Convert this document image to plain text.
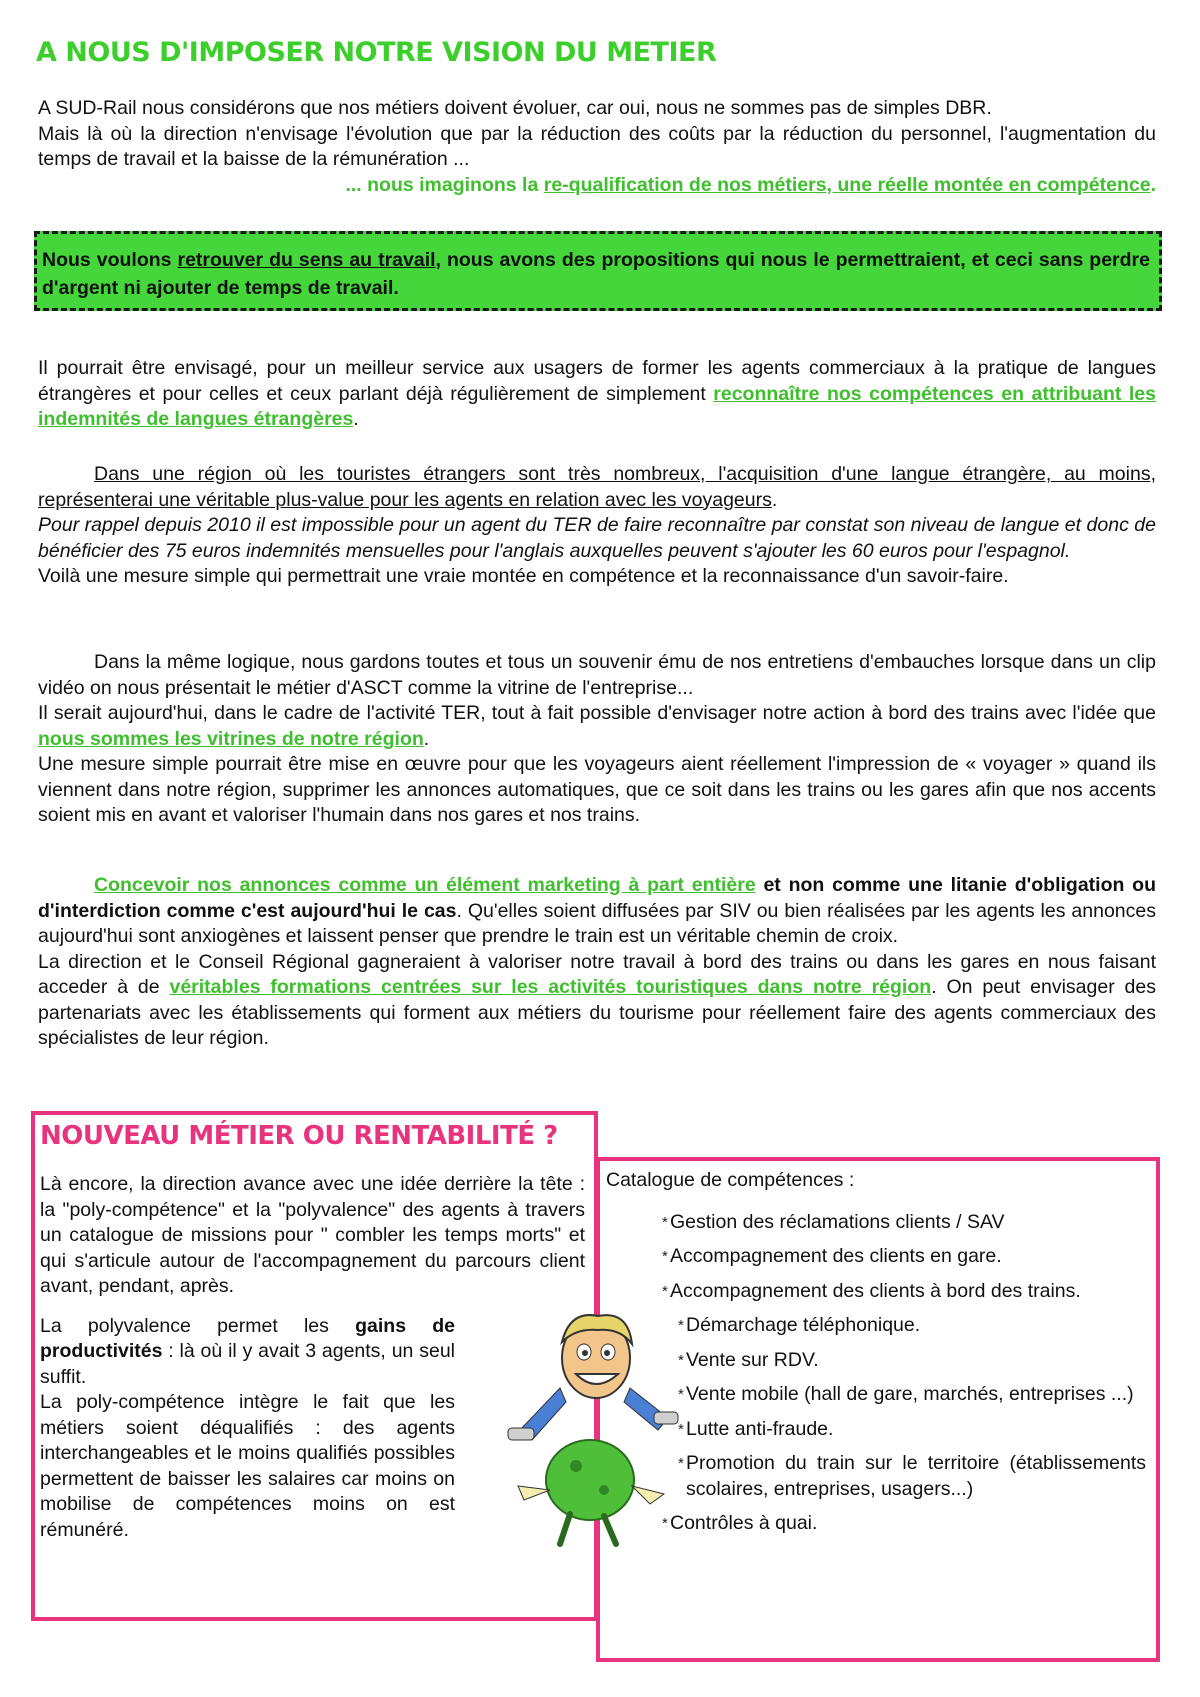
A NOUS D'IMPOSER NOTRE VISION DU METIER

A SUD-Rail nous considérons que nos métiers doivent évoluer, car oui, nous ne sommes pas de simples DBR.

Mais là où la direction n'envisage l'évolution que par la réduction des coûts par la réduction du personnel, l'augmentation du temps de travail et la baisse de la rémunération ...

... nous imaginons la re-qualification de nos métiers, une réelle montée en compétence.

Nous voulons retrouver du sens au travail, nous avons des propositions qui nous le permettraient, et ceci sans perdre d'argent ni ajouter de temps de travail.

Il pourrait être envisagé, pour un meilleur service aux usagers de former les agents commerciaux à la pratique de langues étrangères et pour celles et ceux parlant déjà régulièrement de simplement reconnaître nos compétences en attribuant les indemnités de langues étrangères.

Dans une région où les touristes étrangers sont très nombreux, l'acquisition d'une langue étrangère, au moins, représenterai une véritable plus-value pour les agents en relation avec les voyageurs.

Pour rappel depuis 2010 il est impossible pour un agent du TER de faire reconnaître par constat son niveau de langue et donc de bénéficier des 75 euros indemnités mensuelles pour l'anglais auxquelles peuvent s'ajouter les 60 euros pour l'espagnol.

Voilà une mesure simple qui permettrait une vraie montée en compétence et la reconnaissance d'un savoir-faire.

Dans la même logique, nous gardons toutes et tous un souvenir ému de nos entretiens d'embauches lorsque dans un clip vidéo on nous présentait le métier d'ASCT comme la vitrine de l'entreprise...

Il serait aujourd'hui, dans le cadre de l'activité TER, tout à fait possible d'envisager notre action à bord des trains avec l'idée que nous sommes les vitrines de notre région.

Une mesure simple pourrait être mise en œuvre pour que les voyageurs aient réellement l'impression de « voyager » quand ils viennent dans notre région, supprimer les annonces automatiques, que ce soit dans les trains ou les gares afin que nos accents soient mis en avant et valoriser l'humain dans nos gares et nos trains.

Concevoir nos annonces comme un élément marketing à part entière et non comme une litanie d'obligation ou d'interdiction comme c'est aujourd'hui le cas. Qu'elles soient diffusées par SIV ou bien réalisées par les agents les annonces aujourd'hui sont anxiogènes et laissent penser que prendre le train est un véritable chemin de croix.

La direction et le Conseil Régional gagneraient à valoriser notre travail à bord des trains ou dans les gares en nous faisant acceder à de véritables formations centrées sur les activités touristiques dans notre région. On peut envisager des partenariats avec les établissements qui forment aux métiers du tourisme pour réellement faire des agents commerciaux des spécialistes de leur région.

NOUVEAU MÉTIER OU RENTABILITÉ ?

Là encore, la direction avance avec une idée derrière la tête : la "poly-compétence" et la "polyvalence" des agents à travers un catalogue de missions pour " combler les temps morts" et qui s'articule autour de l'accompagnement du parcours client avant, pendant, après.

La polyvalence permet les gains de productivités : là où il y avait 3 agents, un seul suffit.

La poly-compétence intègre le fait que les métiers soient déqualifiés : des agents interchangeables et le moins qualifiés possibles permettent de baisser les salaires car moins on mobilise de compétences moins on est rémunéré.

Catalogue de compétences :

* Gestion des réclamations clients / SAV
* Accompagnement des clients en gare.
* Accompagnement des clients à bord des trains.
* Démarchage téléphonique.
* Vente sur RDV.
* Vente mobile (hall de gare, marchés, entreprises ...)
* Lutte anti-fraude.
* Promotion du train sur le territoire (établissements scolaires, entreprises, usagers...)
* Contrôles à quai.
